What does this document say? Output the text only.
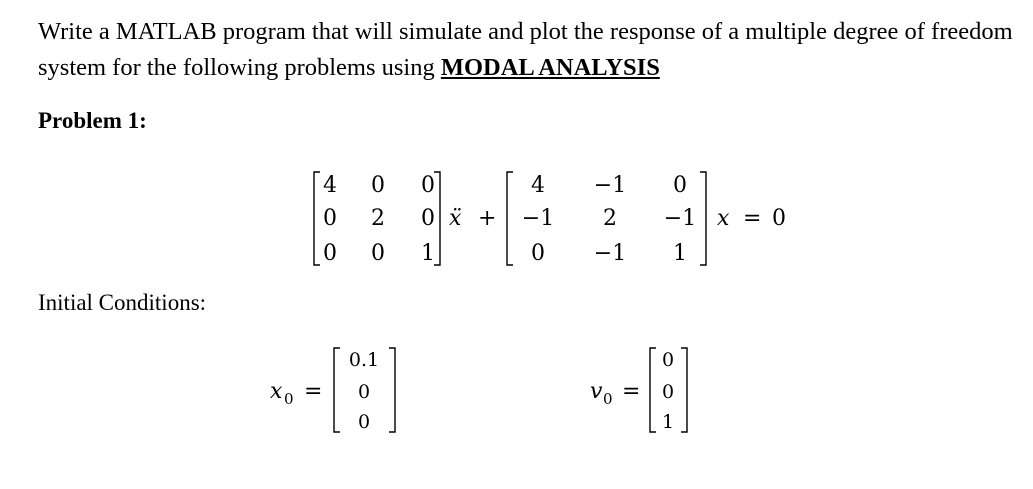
Write a MATLAB program that will simulate and plot the response of a multiple degree of freedom system for the following problems using MODAL ANALYSIS

Problem 1:

Initial Conditions:

4 0 0
0 2 0
0 0 1
ẍ +
4 −1 0
−1 2 −1
0 −1 1
x = 0
x 0 =
0.1
0
0
v 0 =
0
0
1
